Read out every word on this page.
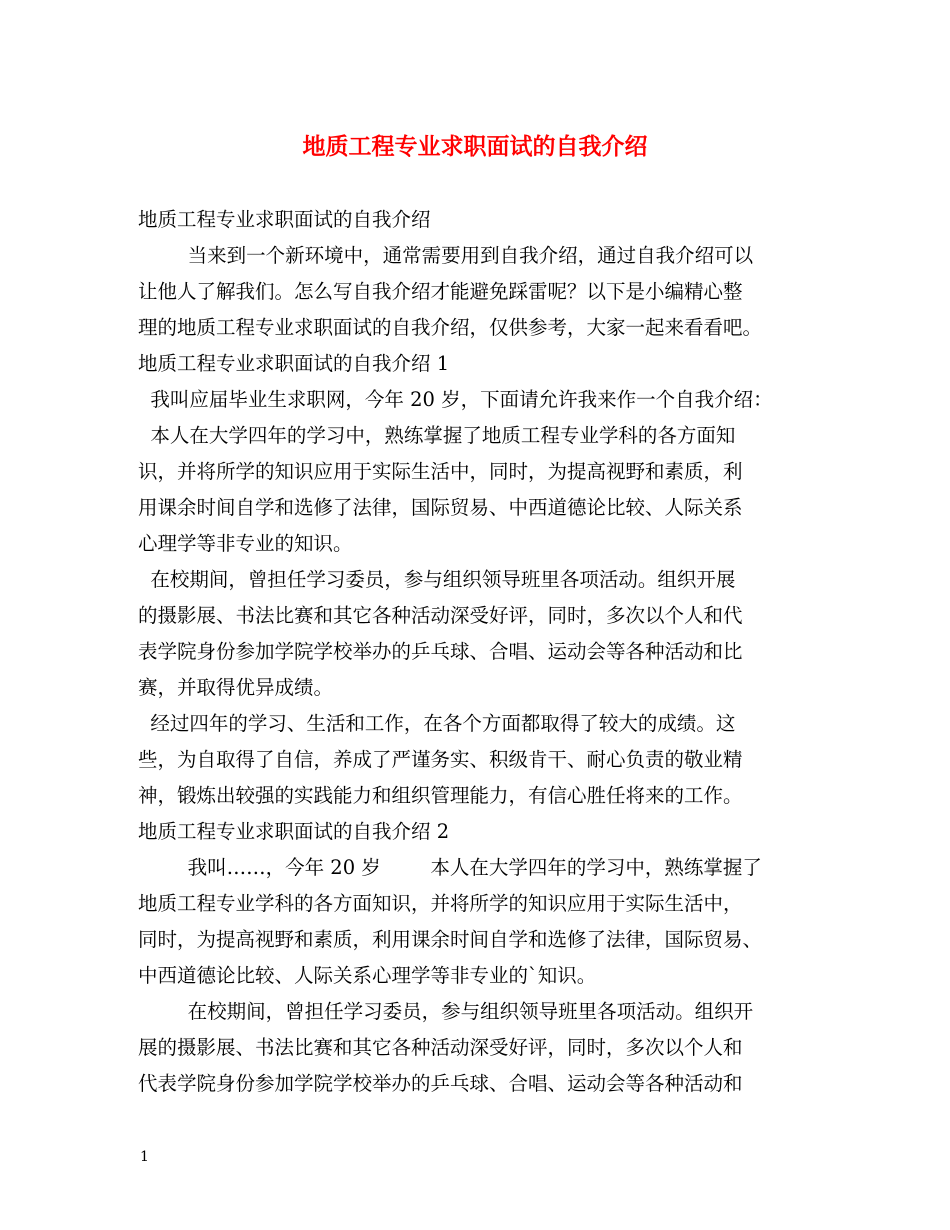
地质工程专业求职面试的自我介绍

地质工程专业求职面试的自我介绍

当来到一个新环境中，通常需要用到自我介绍，通过自我介绍可以

让他人了解我们。怎么写自我介绍才能避免踩雷呢？以下是小编精心整

理的地质工程专业求职面试的自我介绍，仅供参考，大家一起来看看吧。

地质工程专业求职面试的自我介绍 1

我叫应届毕业生求职网，今年 20 岁，下面请允许我来作一个自我介绍：

本人在大学四年的学习中，熟练掌握了地质工程专业学科的各方面知

识，并将所学的知识应用于实际生活中，同时，为提高视野和素质，利

用课余时间自学和选修了法律，国际贸易、中西道德论比较、人际关系

心理学等非专业的知识。

在校期间，曾担任学习委员，参与组织领导班里各项活动。组织开展

的摄影展、书法比赛和其它各种活动深受好评，同时，多次以个人和代

表学院身份参加学院学校举办的乒乓球、合唱、运动会等各种活动和比

赛，并取得优异成绩。

经过四年的学习、生活和工作，在各个方面都取得了较大的成绩。这

些，为自取得了自信，养成了严谨务实、积级肯干、耐心负责的敬业精

神，锻炼出较强的实践能力和组织管理能力，有信心胜任将来的工作。

地质工程专业求职面试的自我介绍 2

我叫……，今年 20 岁        本人在大学四年的学习中，熟练掌握了

地质工程专业学科的各方面知识，并将所学的知识应用于实际生活中，

同时，为提高视野和素质，利用课余时间自学和选修了法律，国际贸易、

中西道德论比较、人际关系心理学等非专业的`知识。

在校期间，曾担任学习委员，参与组织领导班里各项活动。组织开

展的摄影展、书法比赛和其它各种活动深受好评，同时，多次以个人和

代表学院身份参加学院学校举办的乒乓球、合唱、运动会等各种活动和

1
